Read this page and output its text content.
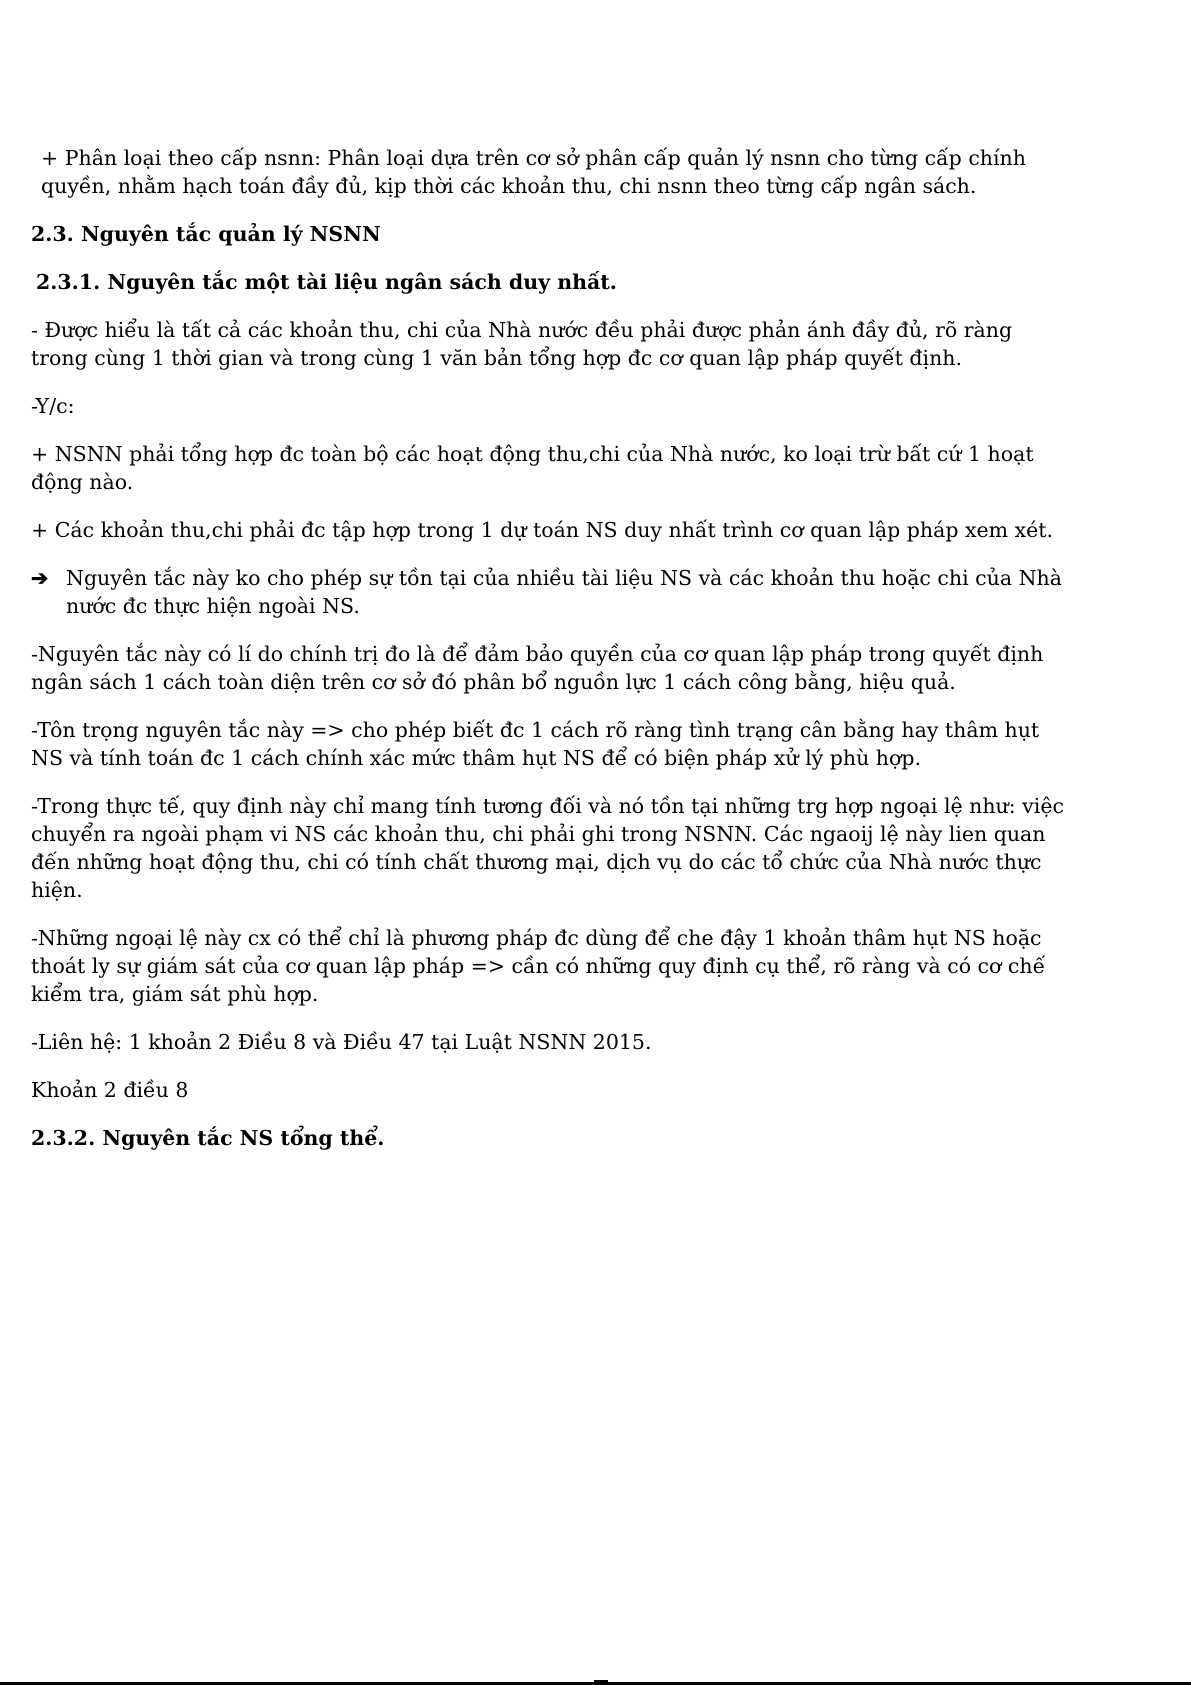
+ Phân loại theo cấp nsnn: Phân loại dựa trên cơ sở phân cấp quản lý nsnn cho từng cấp chính quyền, nhằm hạch toán đầy đủ, kịp thời các khoản thu, chi nsnn theo từng cấp ngân sách.

2.3. Nguyên tắc quản lý NSNN

2.3.1. Nguyên tắc một tài liệu ngân sách duy nhất.

- Được hiểu là tất cả các khoản thu, chi của Nhà nước đều phải được phản ánh đầy đủ, rõ ràng trong cùng 1 thời gian và trong cùng 1 văn bản tổng hợp đc cơ quan lập pháp quyết định.

-Y/c:

+ NSNN phải tổng hợp đc toàn bộ các hoạt động thu,chi của Nhà nước, ko loại trừ bất cứ 1 hoạt động nào.

+ Các khoản thu,chi phải đc tập hợp trong 1 dự toán NS duy nhất trình cơ quan lập pháp xem xét.

➔ Nguyên tắc này ko cho phép sự tồn tại của nhiều tài liệu NS và các khoản thu hoặc chi của Nhà nước đc thực hiện ngoài NS.

-Nguyên tắc này có lí do chính trị đo là để đảm bảo quyền của cơ quan lập pháp trong quyết định ngân sách 1 cách toàn diện trên cơ sở đó phân bổ nguồn lực 1 cách công bằng, hiệu quả.

-Tôn trọng nguyên tắc này => cho phép biết đc 1 cách rõ ràng tình trạng cân bằng hay thâm hụt NS và tính toán đc 1 cách chính xác mức thâm hụt NS để có biện pháp xử lý phù hợp.

-Trong thực tế, quy định này chỉ mang tính tương đối và nó tồn tại những trg hợp ngoại lệ như: việc chuyển ra ngoài phạm vi NS các khoản thu, chi phải ghi trong NSNN. Các ngaoij lệ này lien quan đến những hoạt động thu, chi có tính chất thương mại, dịch vụ do các tổ chức của Nhà nước thực hiện.

-Những ngoại lệ này cx có thể chỉ là phương pháp đc dùng để che đậy 1 khoản thâm hụt NS hoặc thoát ly sự giám sát của cơ quan lập pháp => cần có những quy định cụ thể, rõ ràng và có cơ chế kiểm tra, giám sát phù hợp.

-Liên hệ: 1 khoản 2 Điều 8 và Điều 47 tại Luật NSNN 2015.

Khoản 2 điều 8

2.3.2. Nguyên tắc NS tổng thể.
